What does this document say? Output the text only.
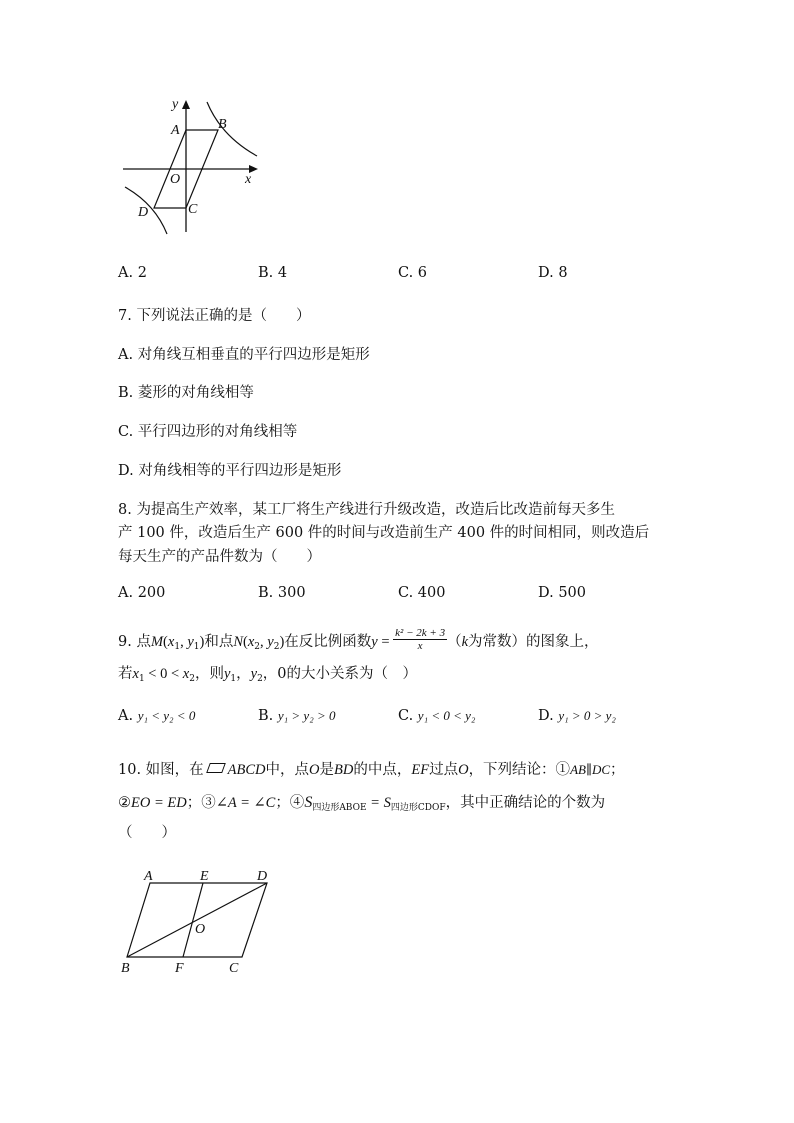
y
x
A	B
O
D	C
A. 2	B. 4	C. 6	D. 8
7. 下列说法正确的是（　　）
A. 对角线互相垂直的平行四边形是矩形
B. 菱形的对角线相等
C. 平行四边形的对角线相等
D. 对角线相等的平行四边形是矩形
8. 为提高生产效率，某工厂将生产线进行升级改造，改造后比改造前每天多生
产 100 件，改造后生产 600 件的时间与改造前生产 400 件的时间相同，则改造后
每天生产的产品件数为（　　）
A. 200	B. 300	C. 400	D. 500
9. 点$M(x_1$, $y_1$)和点$N(x_2$, $y_2$)在反比例函数$y = \frac{\text{k² − 2k + 3}}{x} (k$为常数）的图象上，
若$x_1 < 0 < x_2$，则$y_1$，$y_2$，0的大小关系为（　）
A. y₁ < y₂ < 0	B. y₁ > y₂ > 0	C. y₁ < 0 < y₂	D. y₁ > 0 > y₂
10. 如图，在 ABCD中，点O是BD的中点，EF过点O，下列结论：①AB∥DC；
②EO = ED；③∠A = ∠C；$④S_{四边形ABOE} = S_{四边形CDOF}$，其中正确结论的个数为
（　　）
A	E	D
O
B	F	C
